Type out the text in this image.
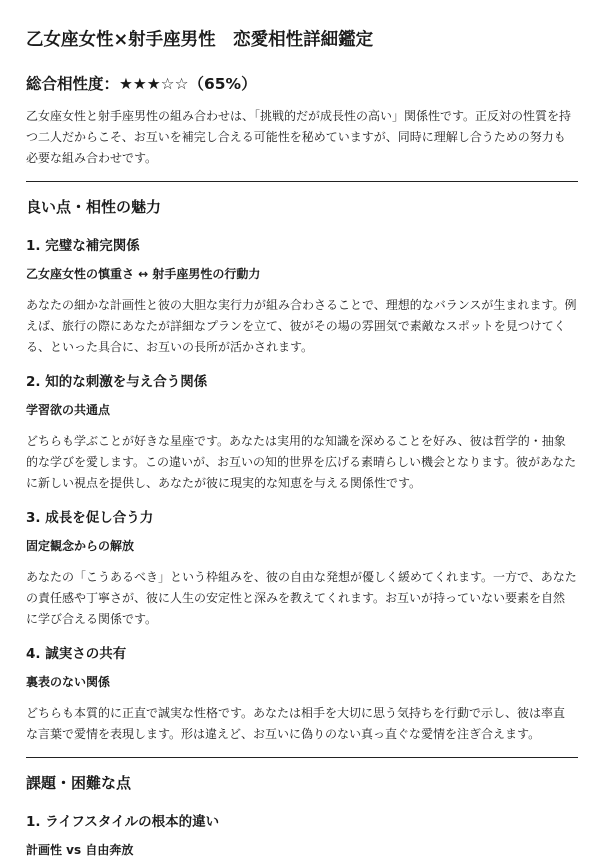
乙女座女性×射手座男性　恋愛相性詳細鑑定
総合相性度：★★★☆☆（65%）

乙女座女性と射手座男性の組み合わせは、「挑戦的だが成長性の高い」関係性です。正反対の性質を持つ二人だからこそ、お互いを補完し合える可能性を秘めていますが、同時に理解し合うための努力も必要な組み合わせです。

良い点・相性の魅力
1. 完璧な補完関係
乙女座女性の慎重さ ↔ 射手座男性の行動力

あなたの細かな計画性と彼の大胆な実行力が組み合わさることで、理想的なバランスが生まれます。例えば、旅行の際にあなたが詳細なプランを立て、彼がその場の雰囲気で素敵なスポットを見つけてくる、といった具合に、お互いの長所が活かされます。

2. 知的な刺激を与え合う関係
学習欲の共通点

どちらも学ぶことが好きな星座です。あなたは実用的な知識を深めることを好み、彼は哲学的・抽象的な学びを愛します。この違いが、お互いの知的世界を広げる素晴らしい機会となります。彼があなたに新しい視点を提供し、あなたが彼に現実的な知恵を与える関係性です。

3. 成長を促し合う力
固定観念からの解放

あなたの「こうあるべき」という枠組みを、彼の自由な発想が優しく緩めてくれます。一方で、あなたの責任感や丁寧さが、彼に人生の安定性と深みを教えてくれます。お互いが持っていない要素を自然に学び合える関係です。

4. 誠実さの共有
裏表のない関係

どちらも本質的に正直で誠実な性格です。あなたは相手を大切に思う気持ちを行動で示し、彼は率直な言葉で愛情を表現します。形は違えど、お互いに偽りのない真っ直ぐな愛情を注ぎ合えます。

課題・困難な点
1. ライフスタイルの根本的違い
計画性 vs 自由奔放
